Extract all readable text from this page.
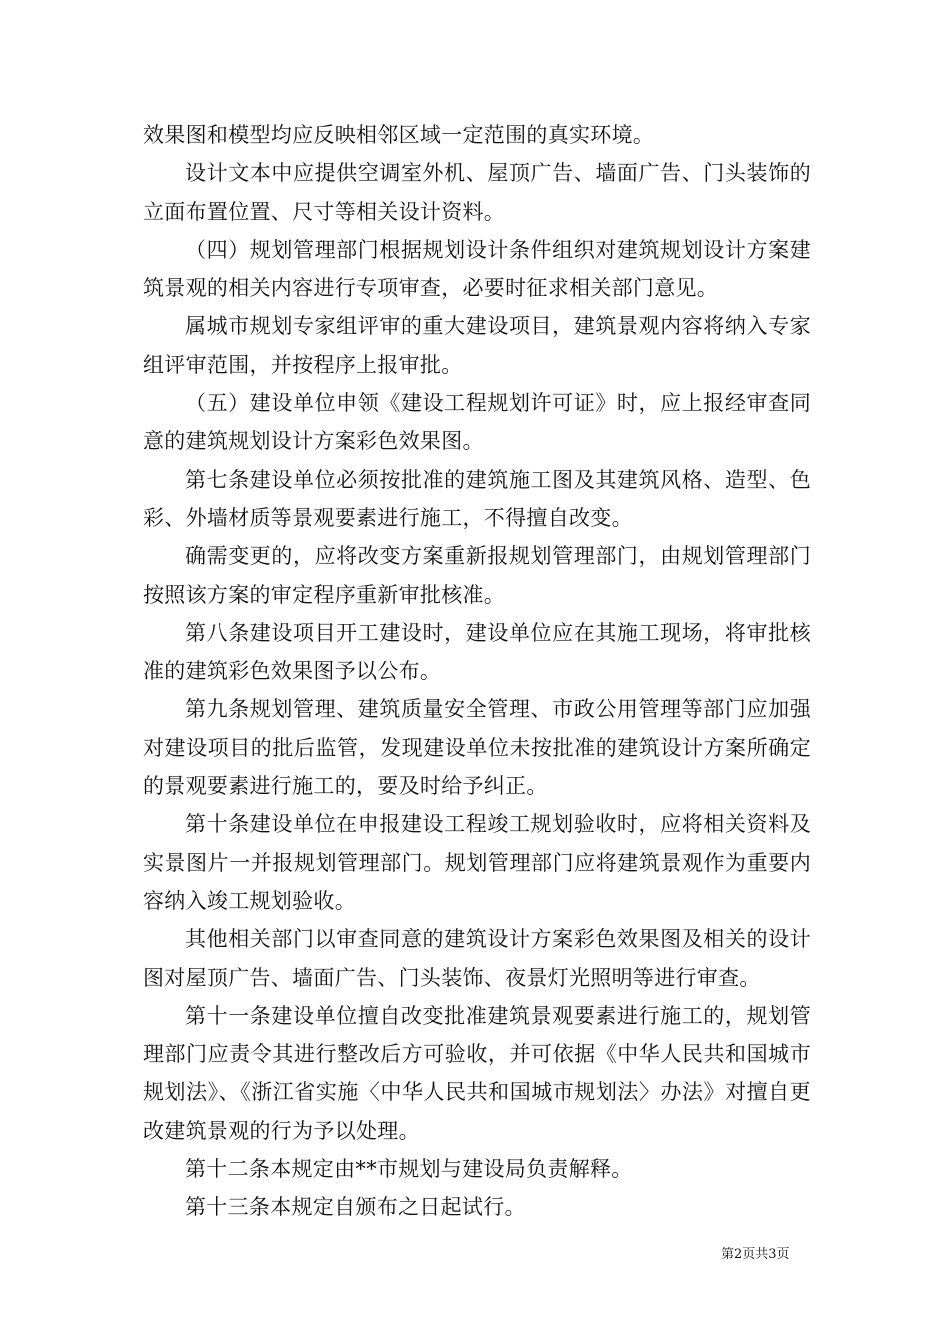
效果图和模型均应反映相邻区域一定范围的真实环境。

设计文本中应提供空调室外机、屋顶广告、墙面广告、门头装饰的立面布置位置、尺寸等相关设计资料。

（四）规划管理部门根据规划设计条件组织对建筑规划设计方案建筑景观的相关内容进行专项审查，必要时征求相关部门意见。

属城市规划专家组评审的重大建设项目，建筑景观内容将纳入专家组评审范围，并按程序上报审批。

（五）建设单位申领《建设工程规划许可证》时，应上报经审查同意的建筑规划设计方案彩色效果图。

第七条建设单位必须按批准的建筑施工图及其建筑风格、造型、色彩、外墙材质等景观要素进行施工，不得擅自改变。

确需变更的，应将改变方案重新报规划管理部门，由规划管理部门按照该方案的审定程序重新审批核准。

第八条建设项目开工建设时，建设单位应在其施工现场，将审批核准的建筑彩色效果图予以公布。

第九条规划管理、建筑质量安全管理、市政公用管理等部门应加强对建设项目的批后监管，发现建设单位未按批准的建筑设计方案所确定的景观要素进行施工的，要及时给予纠正。

第十条建设单位在申报建设工程竣工规划验收时，应将相关资料及实景图片一并报规划管理部门。规划管理部门应将建筑景观作为重要内容纳入竣工规划验收。

其他相关部门以审查同意的建筑设计方案彩色效果图及相关的设计图对屋顶广告、墙面广告、门头装饰、夜景灯光照明等进行审查。

第十一条建设单位擅自改变批准建筑景观要素进行施工的，规划管理部门应责令其进行整改后方可验收，并可依据《中华人民共和国城市规划法》、《浙江省实施〈中华人民共和国城市规划法〉办法》对擅自更改建筑景观的行为予以处理。

第十二条本规定由**市规划与建设局负责解释。

第十三条本规定自颁布之日起试行。

第2页共3页
